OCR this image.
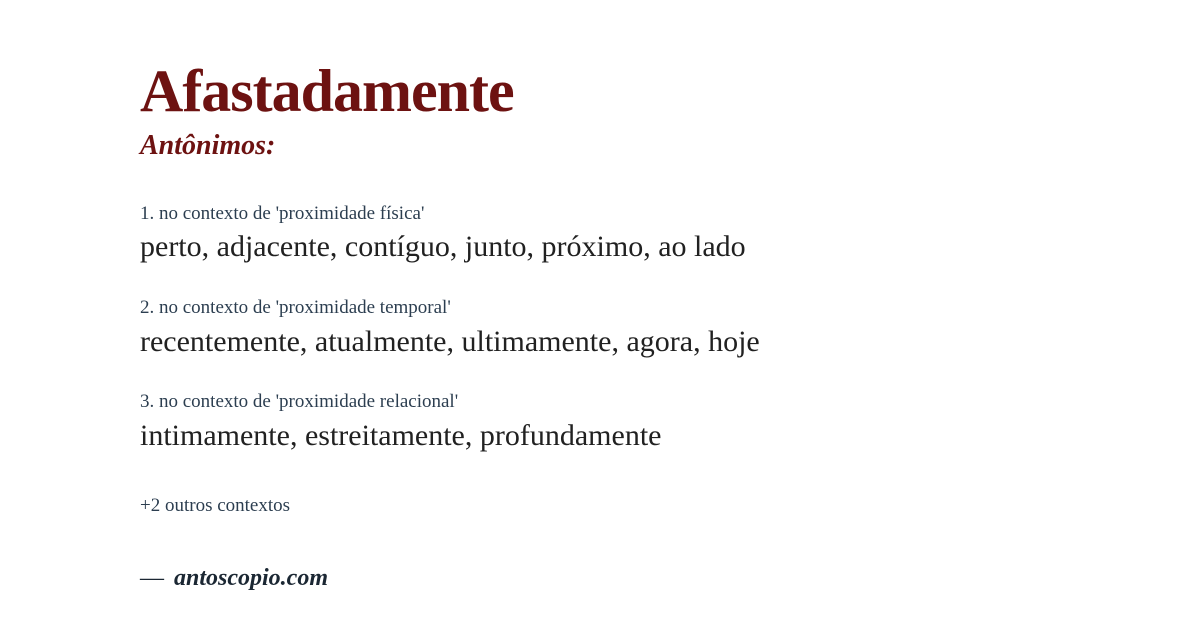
Afastadamente

Antônimos:

1. no contexto de 'proximidade física'

perto, adjacente, contíguo, junto, próximo, ao lado

2. no contexto de 'proximidade temporal'

recentemente, atualmente, ultimamente, agora, hoje

3. no contexto de 'proximidade relacional'

intimamente, estreitamente, profundamente

+2 outros contextos
— antoscopio.com
